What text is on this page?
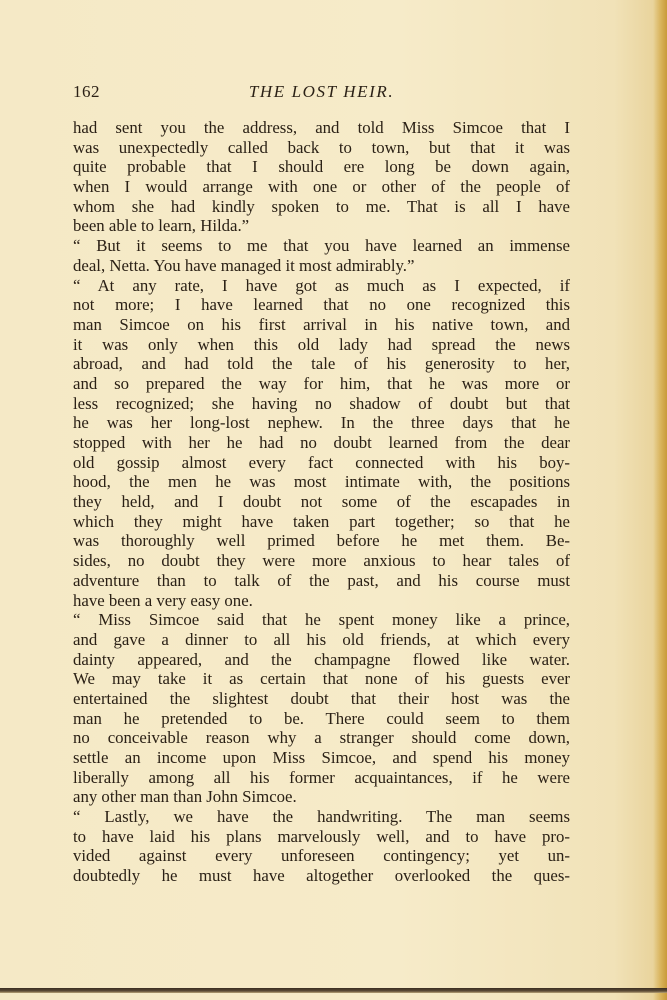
162	THE LOST HEIR.
had sent you the address, and told Miss Simcoe that I
was unexpectedly called back to town, but that it was
quite probable that I should ere long be down again,
when I would arrange with one or other of the people of
whom she had kindly spoken to me. That is all I have
been able to learn, Hilda.”
“ But it seems to me that you have learned an immense
deal, Netta. You have managed it most admirably.”
“ At any rate, I have got as much as I expected, if
not more; I have learned that no one recognized this
man Simcoe on his first arrival in his native town, and
it was only when this old lady had spread the news
abroad, and had told the tale of his generosity to her,
and so prepared the way for him, that he was more or
less recognized; she having no shadow of doubt but that
he was her long-lost nephew. In the three days that he
stopped with her he had no doubt learned from the dear
old gossip almost every fact connected with his boy-
hood, the men he was most intimate with, the positions
they held, and I doubt not some of the escapades in
which they might have taken part together; so that he
was thoroughly well primed before he met them. Be-
sides, no doubt they were more anxious to hear tales of
adventure than to talk of the past, and his course must
have been a very easy one.
“ Miss Simcoe said that he spent money like a prince,
and gave a dinner to all his old friends, at which every
dainty appeared, and the champagne flowed like water.
We may take it as certain that none of his guests ever
entertained the slightest doubt that their host was the
man he pretended to be. There could seem to them
no conceivable reason why a stranger should come down,
settle an income upon Miss Simcoe, and spend his money
liberally among all his former acquaintances, if he were
any other man than John Simcoe.
“ Lastly, we have the handwriting. The man seems
to have laid his plans marvelously well, and to have pro-
vided against every unforeseen contingency; yet un-
doubtedly he must have altogether overlooked the ques-
